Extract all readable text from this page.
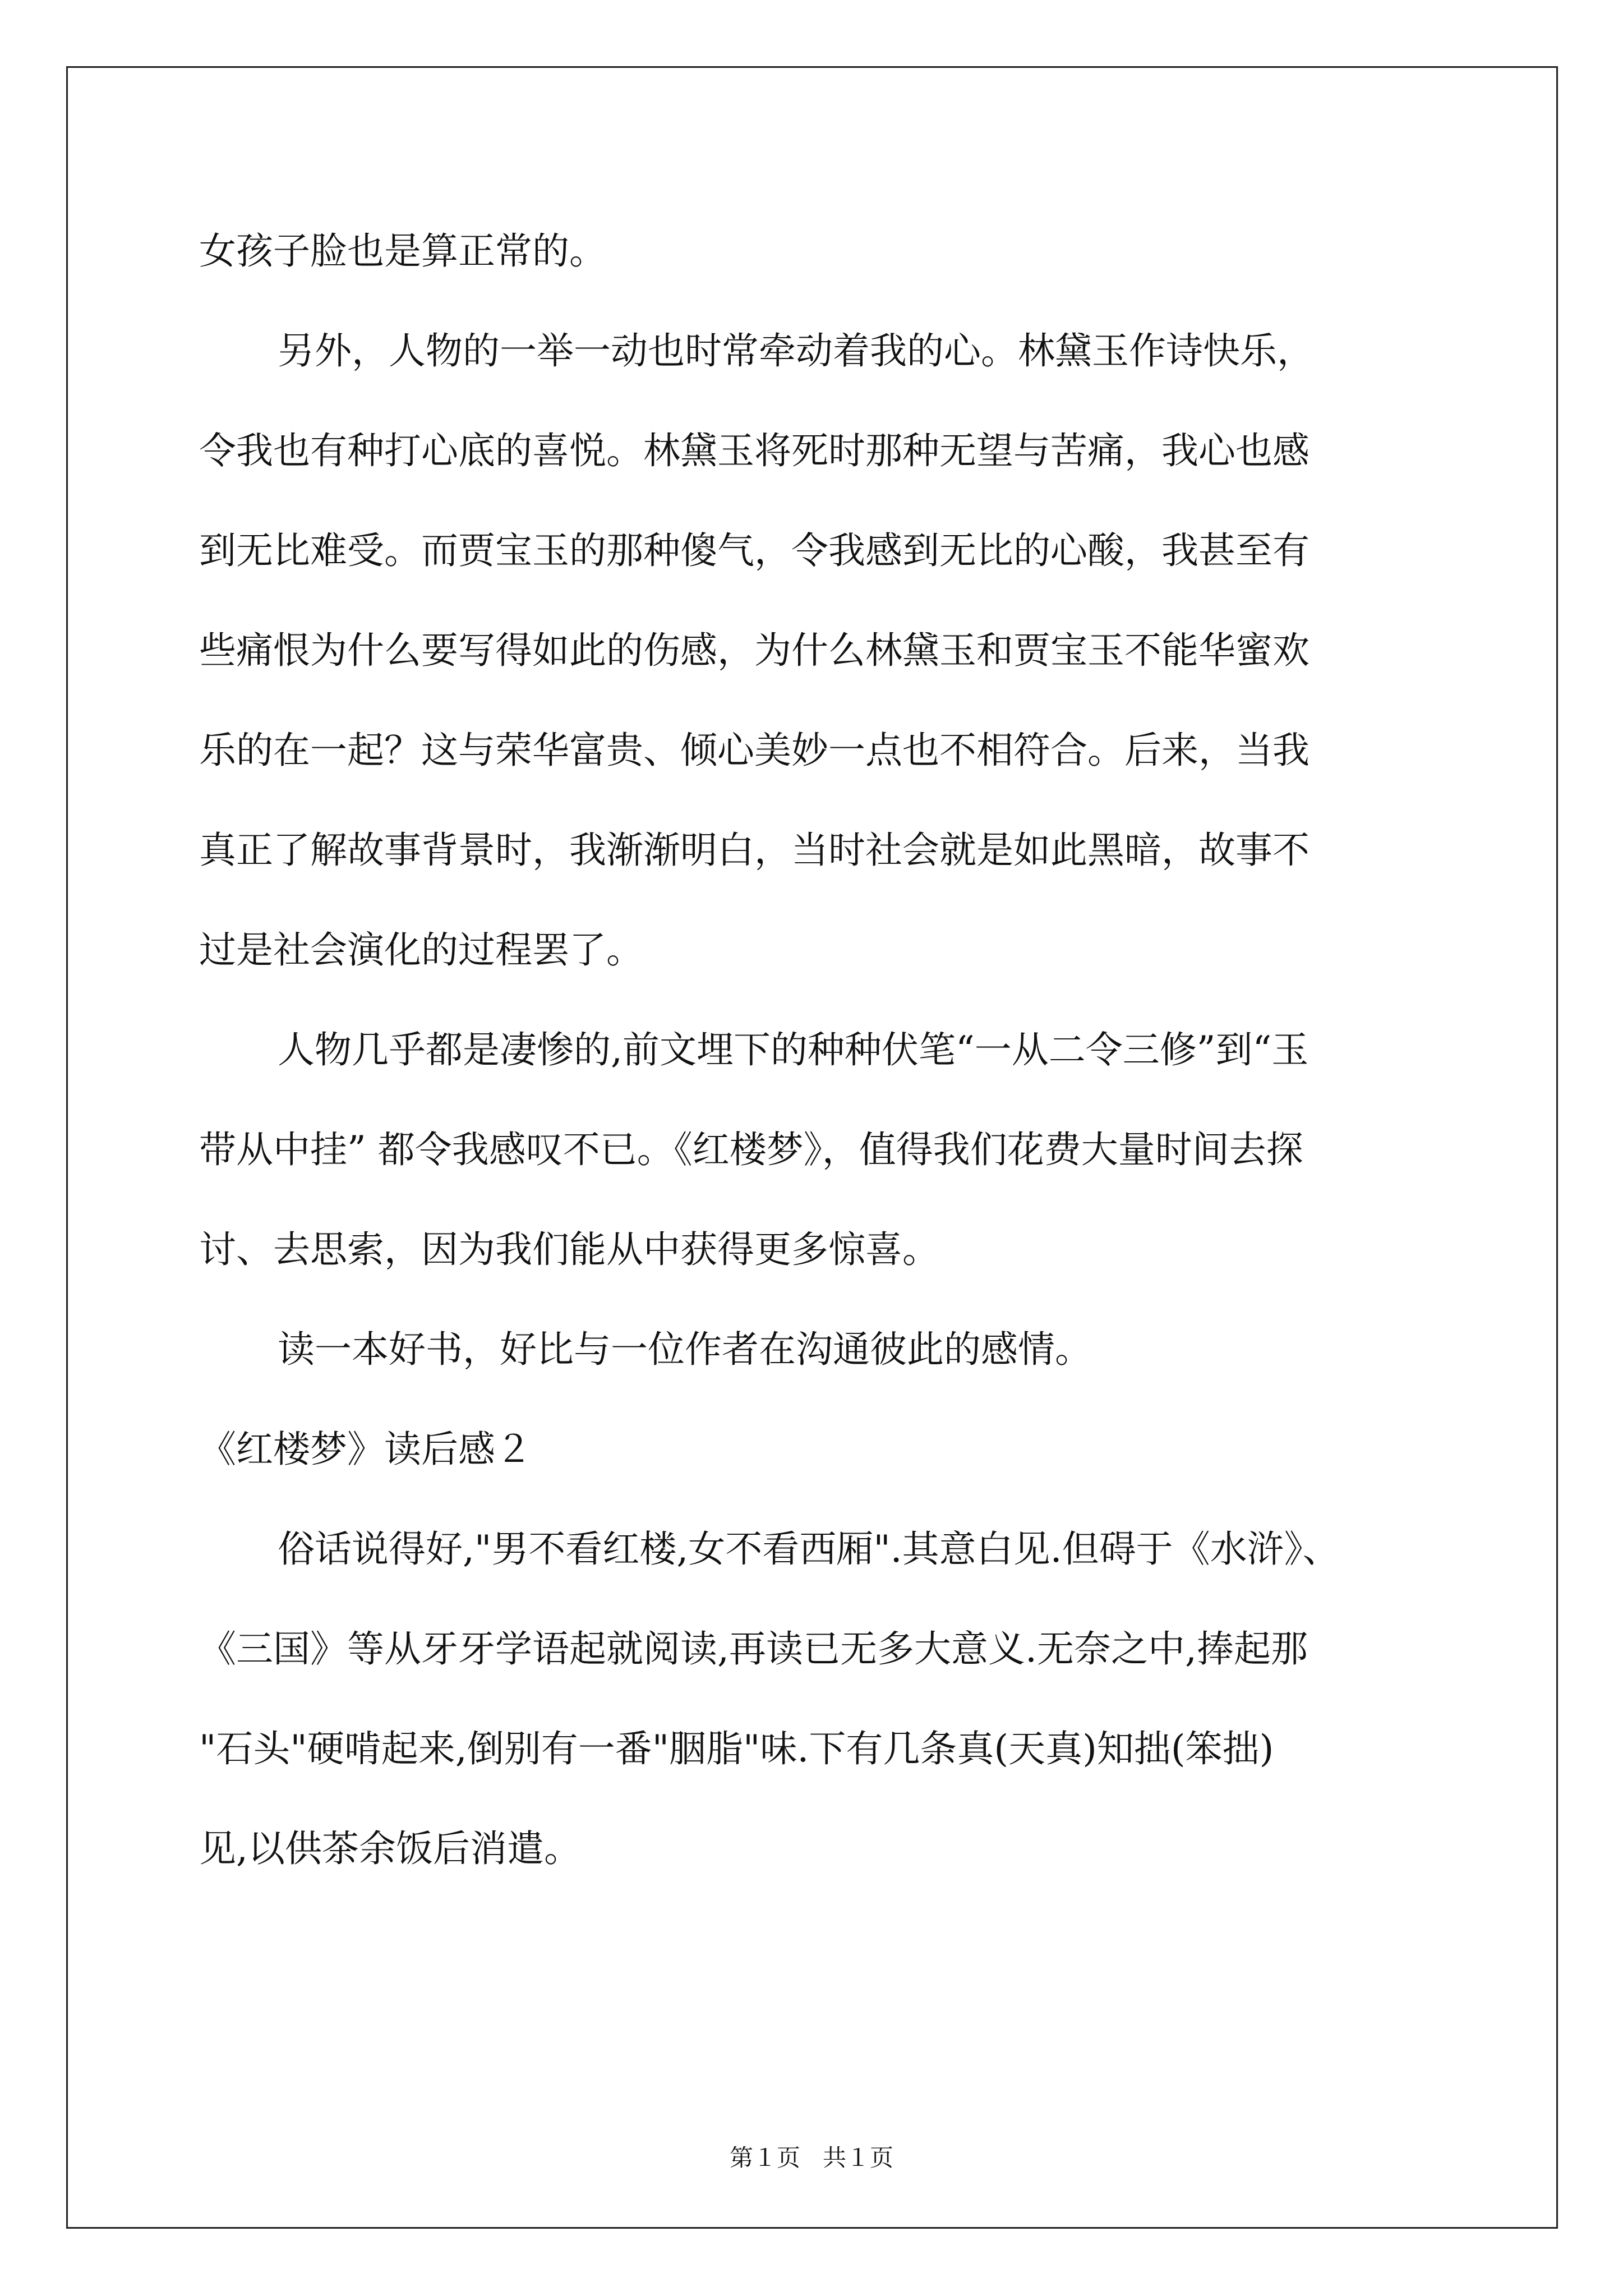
女孩子脸也是算正常的。

另外，人物的一举一动也时常牵动着我的心。林黛玉作诗快乐，

令我也有种打心底的喜悦。林黛玉将死时那种无望与苦痛，我心也感

到无比难受。而贾宝玉的那种傻气，令我感到无比的心酸，我甚至有

些痛恨为什么要写得如此的伤感，为什么林黛玉和贾宝玉不能华蜜欢

乐的在一起？这与荣华富贵、倾心美妙一点也不相符合。后来，当我

真正了解故事背景时，我渐渐明白，当时社会就是如此黑暗，故事不

过是社会演化的过程罢了。

人物几乎都是凄惨的,前文埋下的种种伏笔“一从二令三修”到“玉

带从中挂” 都令我感叹不已。《红楼梦》，值得我们花费大量时间去探

讨、去思索，因为我们能从中获得更多惊喜。

读一本好书，好比与一位作者在沟通彼此的感情。

《红楼梦》读后感２

俗话说得好,"男不看红楼,女不看西厢".其意白见.但碍于《水浒》、

《三国》等从牙牙学语起就阅读,再读已无多大意义.无奈之中,捧起那

"石头"硬啃起来,倒别有一番"胭脂"味.下有几条真(天真)知拙(笨拙)

见,以供茶余饭后消遣。

第１页   共１页
